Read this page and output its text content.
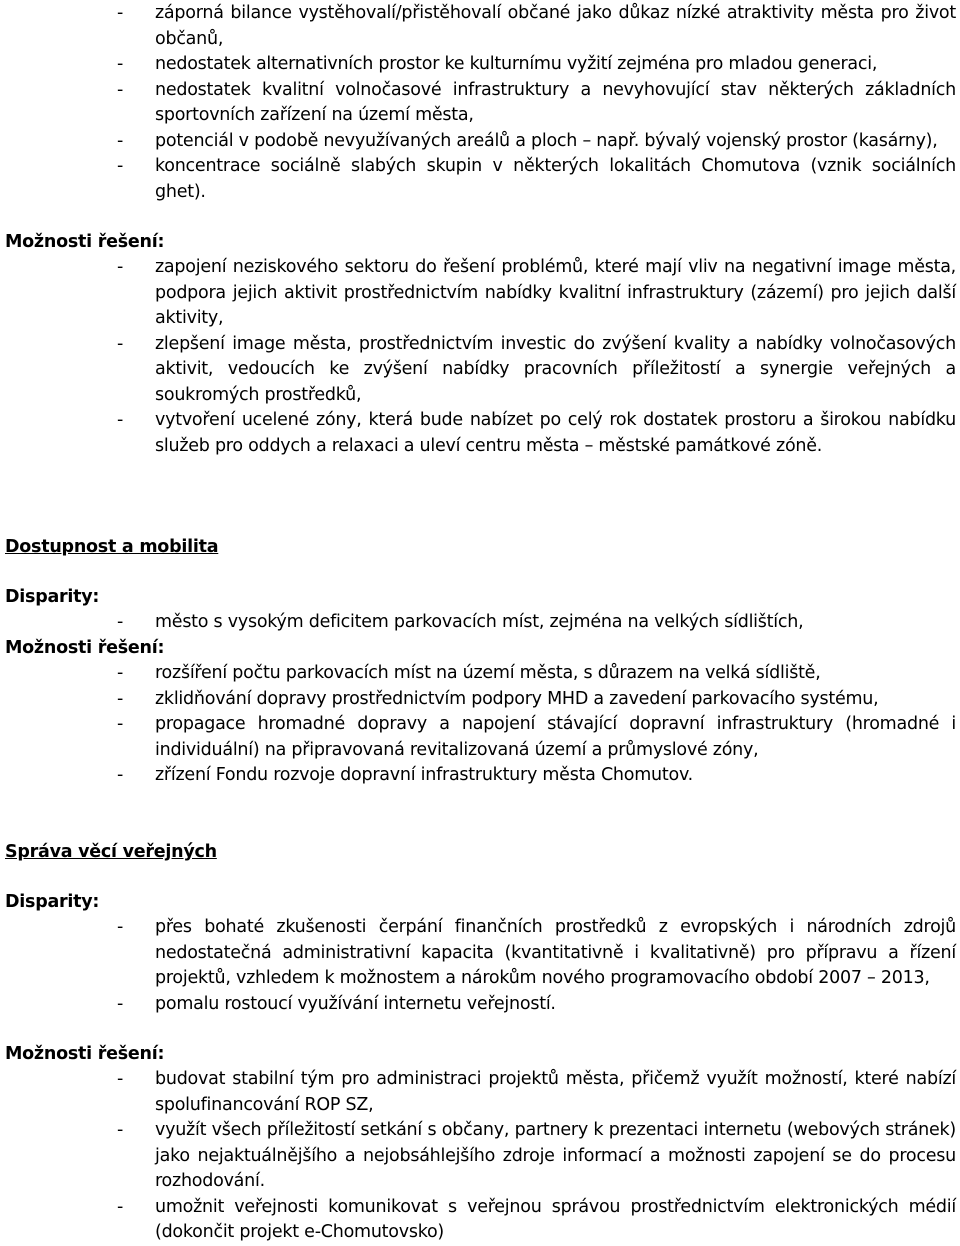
- záporná bilance vystěhovalí/přistěhovalí občané jako důkaz nízké atraktivity města pro život občanů,
- nedostatek alternativních prostor ke kulturnímu vyžití zejména pro mladou generaci,
- nedostatek kvalitní volnočasové infrastruktury a nevyhovující stav některých základních sportovních zařízení na území města,
- potenciál v podobě nevyužívaných areálů a ploch – např. bývalý vojenský prostor (kasárny),
- koncentrace sociálně slabých skupin v některých lokalitách Chomutova (vznik sociálních ghet).
Možnosti řešení:
- zapojení neziskového sektoru do řešení problémů, které mají vliv na negativní image města, podpora jejich aktivit prostřednictvím nabídky kvalitní infrastruktury (zázemí) pro jejich další aktivity,
- zlepšení image města, prostřednictvím investic do zvýšení kvality a nabídky volnočasových aktivit, vedoucích ke zvýšení nabídky pracovních příležitostí a synergie veřejných a soukromých prostředků,
- vytvoření ucelené zóny, která bude nabízet po celý rok dostatek prostoru a širokou nabídku služeb pro oddych a relaxaci a uleví centru města – městské památkové zóně.
Dostupnost a mobilita
Disparity:
- město s vysokým deficitem parkovacích míst, zejména na velkých sídlištích,
Možnosti řešení:
- rozšíření počtu parkovacích míst na území města, s důrazem na velká sídliště,
- zklidňování dopravy prostřednictvím podpory MHD a zavedení parkovacího systému,
- propagace hromadné dopravy a napojení stávající dopravní infrastruktury (hromadné i individuální) na připravovaná revitalizovaná území a průmyslové zóny,
- zřízení Fondu rozvoje dopravní infrastruktury města Chomutov.
Správa věcí veřejných
Disparity:
- přes bohaté zkušenosti čerpání finančních prostředků z evropských i národních zdrojů nedostatečná administrativní kapacita (kvantitativně i kvalitativně) pro přípravu a řízení projektů, vzhledem k možnostem a nárokům nového programovacího období 2007 – 2013,
- pomalu rostoucí využívání internetu veřejností.
Možnosti řešení:
- budovat stabilní tým pro administraci projektů města, přičemž využít možností, které nabízí spolufinancování ROP SZ,
- využít všech příležitostí setkání s občany, partnery k prezentaci internetu (webových stránek) jako nejaktuálnějšího a nejobsáhlejšího zdroje informací a možnosti zapojení se do procesu rozhodování.
- umožnit veřejnosti komunikovat s veřejnou správou prostřednictvím elektronických médií (dokončit projekt e-Chomutovsko)
